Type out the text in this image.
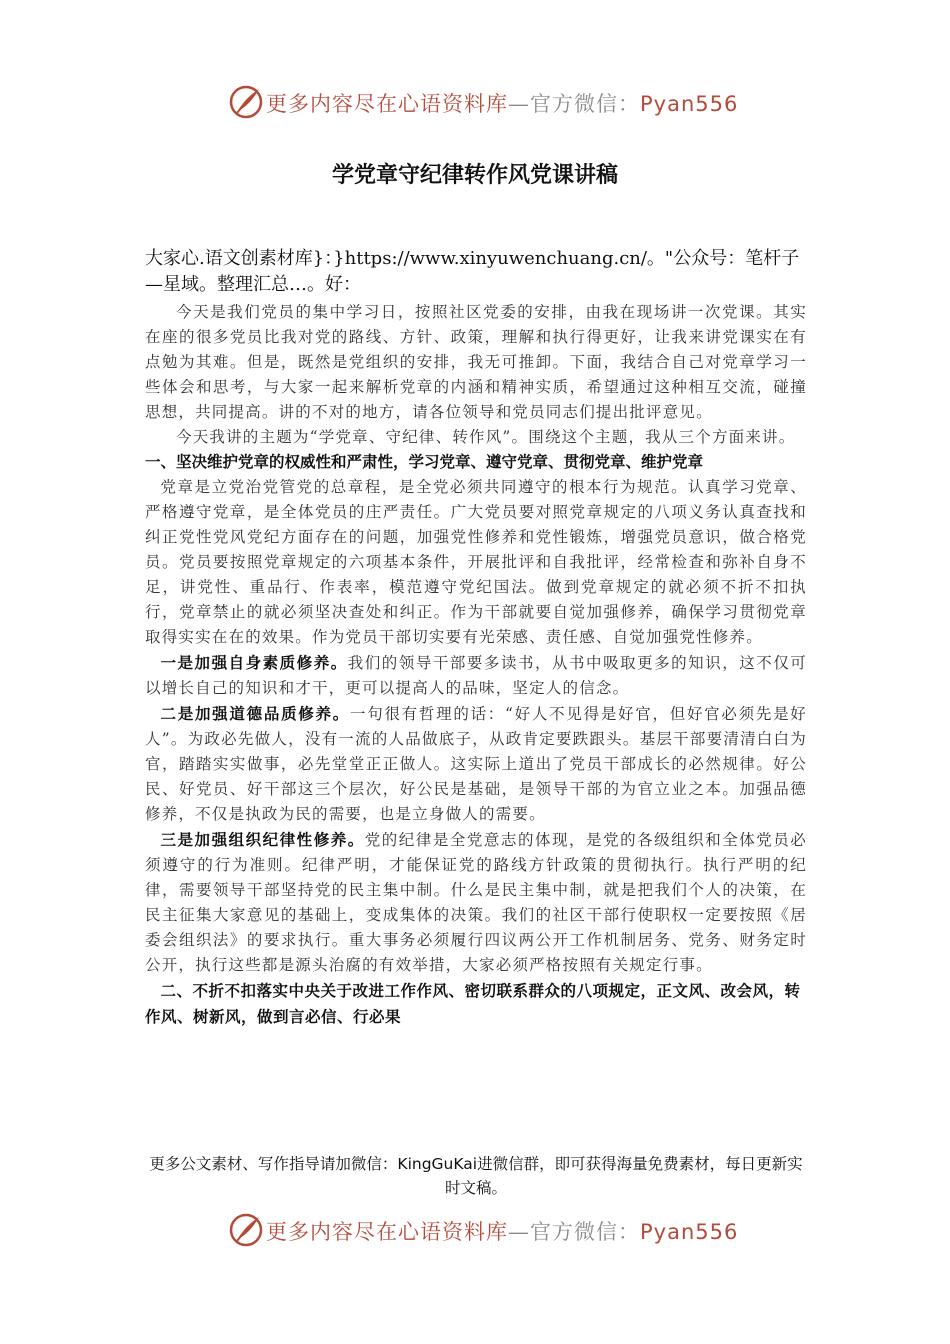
更多内容尽在心语资料库—官方微信：Pyan556
学党章守纪律转作风党课讲稿

大家心.语文创素材库}：}https://www.xinyuwenchuang.cn/。"公众号：笔杆子—星域。整理汇总…。好：

今天是我们党员的集中学习日，按照社区党委的安排，由我在现场讲一次党课。其实在座的很多党员比我对党的路线、方针、政策，理解和执行得更好，让我来讲党课实在有点勉为其难。但是，既然是党组织的安排，我无可推卸。下面，我结合自己对党章学习一些体会和思考，与大家一起来解析党章的内涵和精神实质，希望通过这种相互交流，碰撞思想，共同提高。讲的不对的地方，请各位领导和党员同志们提出批评意见。

今天我讲的主题为“学党章、守纪律、转作风”。围绕这个主题，我从三个方面来讲。

一、坚决维护党章的权威性和严肃性，学习党章、遵守党章、贯彻党章、维护党章

党章是立党治党管党的总章程，是全党必须共同遵守的根本行为规范。认真学习党章、严格遵守党章，是全体党员的庄严责任。广大党员要对照党章规定的八项义务认真查找和纠正党性党风党纪方面存在的问题，加强党性修养和党性锻炼，增强党员意识，做合格党员。党员要按照党章规定的六项基本条件，开展批评和自我批评，经常检查和弥补自身不足，讲党性、重品行、作表率，模范遵守党纪国法。做到党章规定的就必须不折不扣执行，党章禁止的就必须坚决查处和纠正。作为干部就要自觉加强修养，确保学习贯彻党章取得实实在在的效果。作为党员干部切实要有光荣感、责任感、自觉加强党性修养。

一是加强自身素质修养。我们的领导干部要多读书，从书中吸取更多的知识，这不仅可以增长自己的知识和才干，更可以提高人的品味，坚定人的信念。

二是加强道德品质修养。一句很有哲理的话：“好人不见得是好官，但好官必须先是好人”。为政必先做人，没有一流的人品做底子，从政肯定要跌跟头。基层干部要清清白白为官，踏踏实实做事，必先堂堂正正做人。这实际上道出了党员干部成长的必然规律。好公民、好党员、好干部这三个层次，好公民是基础，是领导干部的为官立业之本。加强品德修养，不仅是执政为民的需要，也是立身做人的需要。

三是加强组织纪律性修养。党的纪律是全党意志的体现，是党的各级组织和全体党员必须遵守的行为准则。纪律严明，才能保证党的路线方针政策的贯彻执行。执行严明的纪律，需要领导干部坚持党的民主集中制。什么是民主集中制，就是把我们个人的决策，在民主征集大家意见的基础上，变成集体的决策。我们的社区干部行使职权一定要按照《居委会组织法》的要求执行。重大事务必须履行四议两公开工作机制居务、党务、财务定时公开，执行这些都是源头治腐的有效举措，大家必须严格按照有关规定行事。

二、不折不扣落实中央关于改进工作作风、密切联系群众的八项规定，正文风、改会风，转作风、树新风，做到言必信、行必果

更多公文素材、写作指导请加微信：KingGuKai进微信群，即可获得海量免费素材，每日更新实时文稿。
更多内容尽在心语资料库—官方微信：Pyan556
